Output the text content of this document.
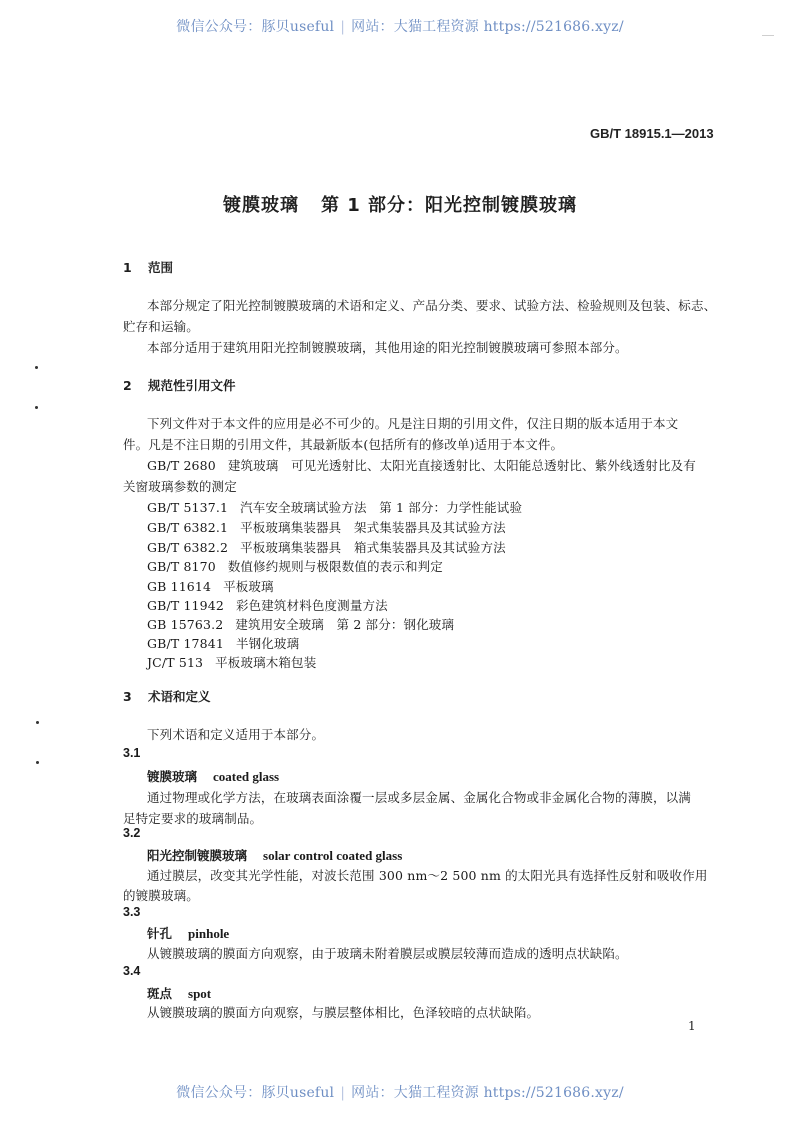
微信公众号：豚贝useful | 网站：大猫工程资源 https://521686.xyz/
GB/T 18915.1—2013
镀膜玻璃 第 1 部分：阳光控制镀膜玻璃
1 范围
本部分规定了阳光控制镀膜玻璃的术语和定义、产品分类、要求、试验方法、检验规则及包装、标志、
贮存和运输。
本部分适用于建筑用阳光控制镀膜玻璃，其他用途的阳光控制镀膜玻璃可参照本部分。
2 规范性引用文件
下列文件对于本文件的应用是必不可少的。凡是注日期的引用文件，仅注日期的版本适用于本文
件。凡是不注日期的引用文件，其最新版本(包括所有的修改单)适用于本文件。
GB/T 2680 建筑玻璃　可见光透射比、太阳光直接透射比、太阳能总透射比、紫外线透射比及有
关窗玻璃参数的测定
GB/T 5137.1 汽车安全玻璃试验方法　第 1 部分：力学性能试验
GB/T 6382.1 平板玻璃集装器具　架式集装器具及其试验方法
GB/T 6382.2 平板玻璃集装器具　箱式集装器具及其试验方法
GB/T 8170 数值修约规则与极限数值的表示和判定
GB 11614 平板玻璃
GB/T 11942 彩色建筑材料色度测量方法
GB 15763.2 建筑用安全玻璃　第 2 部分：钢化玻璃
GB/T 17841 半钢化玻璃
JC/T 513 平板玻璃木箱包装
3 术语和定义
下列术语和定义适用于本部分。
3.1
镀膜玻璃 coated glass
通过物理或化学方法，在玻璃表面涂覆一层或多层金属、金属化合物或非金属化合物的薄膜，以满
足特定要求的玻璃制品。
3.2
阳光控制镀膜玻璃 solar control coated glass
通过膜层，改变其光学性能，对波长范围 300 nm～2 500 nm 的太阳光具有选择性反射和吸收作用
的镀膜玻璃。
3.3
针孔 pinhole
从镀膜玻璃的膜面方向观察，由于玻璃未附着膜层或膜层较薄而造成的透明点状缺陷。
3.4
斑点 spot
从镀膜玻璃的膜面方向观察，与膜层整体相比，色泽较暗的点状缺陷。
1
微信公众号：豚贝useful | 网站：大猫工程资源 https://521686.xyz/
